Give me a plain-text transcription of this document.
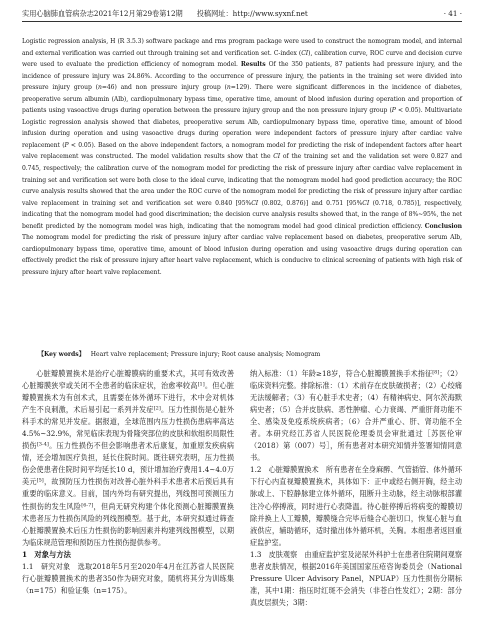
实用心脑肺血管病杂志2021年12月第29卷第12期 投稿网址：http://www.syxnf.net	· 41 ·
Logistic regression analysis, H (R 3.5.3) software package and rms program package were used to construct the nomogram model, and internal and external verification was carried out through training set and verification set. C-index (CI), calibration curve, ROC curve and decision curve were used to evaluate the prediction efficiency of nomogram model. Results Of the 350 patients, 87 patients had pressure injury, and the incidence of pressure injury was 24.86%. According to the occurrence of pressure injury, the patients in the training set were divided into pressure injury group (n=46) and non pressure injury group (n=129). There were significant differences in the incidence of diabetes, preoperative serum albumin (Alb), cardiopulmonary bypass time, operative time, amount of blood infusion during operation and proportion of patients using vasoactive drugs during operation between the pressure injury group and the non pressure injury group (P < 0.05). Multivariate Logistic regression analysis showed that diabetes, preoperative serum Alb, cardiopulmonary bypass time, operative time, amount of blood infusion during operation and using vasoactive drugs during operation were independent factors of pressure injury after cardiac valve replacement (P < 0.05). Based on the above independent factors, a nomogram model for predicting the risk of independent factors after heart valve replacement was constructed. The model validation results show that the CI of the training set and the validation set were 0.827 and 0.745, respectively; the calibration curve of the nomogram model for predicting the risk of pressure injury after cardiac valve replacement in training set and verification set were both close to the ideal curve, indicating that the nomogram model had good prediction accuracy; the ROC curve analysis results showed that the area under the ROC curve of the nomogram model for predicting the risk of pressure injury after cardiac valve replacement in training set and verification set were 0.840 [95%CI (0.802, 0.876)] and 0.751 [95%CI (0.718, 0.785)], respectively, indicating that the nomogram model had good discrimination; the decision curve analysis results showed that, in the range of 8%~95%, the net benefit predicted by the nomogram model was high, indicating that the nomogram model had good clinical prediction efficiency. Conclusion The nomogram model for predicting the risk of pressure injury after cardiac valve replacement based on diabetes, preoperative serum Alb, cardiopulmonary bypass time, operative time, amount of blood infusion during operation and using vasoactive drugs during operation can effectively predict the risk of pressure injury after heart valve replacement, which is conducive to clinical screening of patients with high risk of pressure injury after heart valve replacement.
【Key words】 Heart valve replacement; Pressure injury; Root cause analysis; Nomogram

心脏瓣膜置换术是治疗心脏瓣膜病的重要术式，其可有效改善心脏瓣膜狭窄或关闭不全患者的临床症状，治愈率较高[1]。但心脏瓣膜置换术为有创术式，且需要在体外循环下进行，术中会对机体产生不良刺激，术后易引起一系列并发症[2]。压力性损伤是心脏外科手术的常见并发症。据报道，全球范围内压力性损伤患病率高达4.5%~32.9%，常见临床表现为骨隆突部位的皮肤和软组织局限性损伤[3-4]。压力性损伤不但会影响患者术后康复，加重原发疾病病情，还会增加医疗负担，延长住院时间。既往研究表明，压力性损伤会使患者住院时间平均延长10 d，预计增加治疗费用1.4~4.0万美元[5]，故预防压力性损伤对改善心脏外科手术患者术后预后具有重要的临床意义。目前，国内外均有研究提出，列线图可预测压力性损伤的发生风险[6-7]，但尚无研究构建个体化预测心脏瓣膜置换术患者压力性损伤风险的列线图模型。基于此，本研究拟通过筛查心脏瓣膜置换术后压力性损伤的影响因素并构建列线图模型，以期为临床规范管理和预防压力性损伤提供参考。

1　对象与方法

1.1　研究对象　 选取2018年5月至2020年4月在江苏省人民医院行心脏瓣膜置换术的患者350作为研究对象，随机将其分为训练集（n=175）和验证集（n=175）。

纳入标准：（1）年龄≥18岁，符合心脏瓣膜置换手术指征[8]；（2）临床资料完整。排除标准：（1）术前存在皮肤破损者；（2）心绞痛无法缓解者；（3）有心脏手术史者；（4）有精神病史、阿尔茨海默病史者；（5）合并皮肤病、恶性肿瘤、心力衰竭、严重肝肾功能不全、感染及免疫系统疾病者；（6）合并严重心、肝、肾功能不全者。本研究经江苏省人民医院伦理委员会审批通过［苏医伦审（2018）第（007）号］，所有患者对本研究知情并签署知情同意书。

1.2　心脏瓣膜置换术　 所有患者在全身麻醉、气管插管、体外循环下行心内直视瓣膜置换术，具体如下：正中或经右侧开胸，经主动脉或上、下腔静脉建立体外循环，阻断升主动脉，经主动脉根部灌注冷心停搏液，同时进行心表降温。待心脏停搏后将病变的瓣膜切除并换上人工瓣膜，瓣膜缝合完毕后缝合心脏切口，恢复心脏与血液供应，辅助循环，适时撤出体外循环机，关胸。本组患者返回重症监护室。

1.3　皮肤观察　 由重症监护室及泌尿外科护士在患者住院期间观察患者皮肤情况，根据2016年美国国家压疮咨询委员会（National Pressure Ulcer Advisory Panel，NPUAP）压力性损伤分期标准，其中1期：指压时红斑不会消失（非苍白性发红）；2期：部分真皮层损失；3期：
